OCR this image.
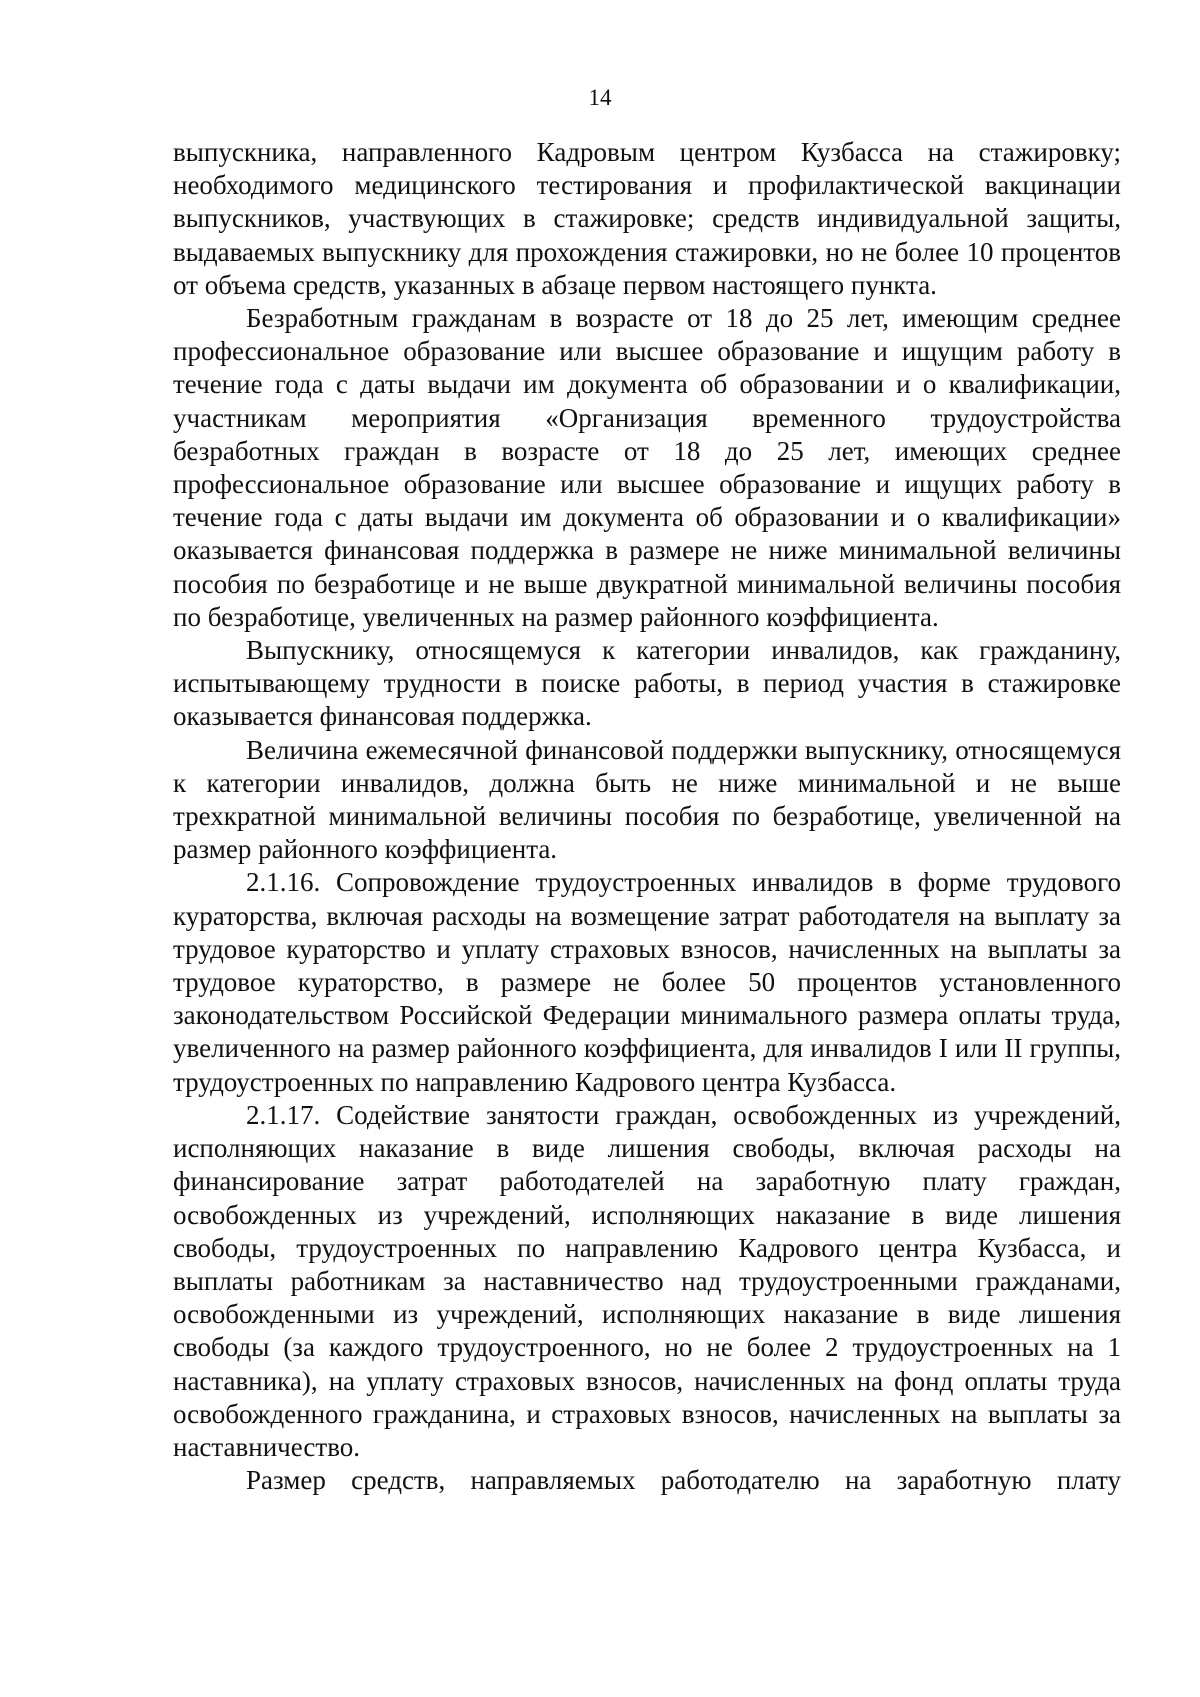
14

выпускника, направленного Кадровым центром Кузбасса на стажировку; необходимого медицинского тестирования и профилактической вакцинации выпускников, участвующих в стажировке; средств индивидуальной защиты, выдаваемых выпускнику для прохождения стажировки, но не более 10 процентов от объема средств, указанных в абзаце первом настоящего пункта.

Безработным гражданам в возрасте от 18 до 25 лет, имеющим среднее профессиональное образование или высшее образование и ищущим работу в течение года с даты выдачи им документа об образовании и о квалификации, участникам мероприятия «Организация временного трудоустройства безработных граждан в возрасте от 18 до 25 лет, имеющих среднее профессиональное образование или высшее образование и ищущих работу в течение года с даты выдачи им документа об образовании и о квалификации» оказывается финансовая поддержка в размере не ниже минимальной величины пособия по безработице и не выше двукратной минимальной величины пособия по безработице, увеличенных на размер районного коэффициента.

Выпускнику, относящемуся к категории инвалидов, как гражданину, испытывающему трудности в поиске работы, в период участия в стажировке оказывается финансовая поддержка.

Величина ежемесячной финансовой поддержки выпускнику, относящемуся к категории инвалидов, должна быть не ниже минимальной и не выше трехкратной минимальной величины пособия по безработице, увеличенной на размер районного коэффициента.

2.1.16. Сопровождение трудоустроенных инвалидов в форме трудового кураторства, включая расходы на возмещение затрат работодателя на выплату за трудовое кураторство и уплату страховых взносов, начисленных на выплаты за трудовое кураторство, в размере не более 50 процентов установленного законодательством Российской Федерации минимального размера оплаты труда, увеличенного на размер районного коэффициента, для инвалидов I или II группы, трудоустроенных по направлению Кадрового центра Кузбасса.

2.1.17. Содействие занятости граждан, освобожденных из учреждений, исполняющих наказание в виде лишения свободы, включая расходы на финансирование затрат работодателей на заработную плату граждан, освобожденных из учреждений, исполняющих наказание в виде лишения свободы, трудоустроенных по направлению Кадрового центра Кузбасса, и выплаты работникам за наставничество над трудоустроенными гражданами, освобожденными из учреждений, исполняющих наказание в виде лишения свободы (за каждого трудоустроенного, но не более 2 трудоустроенных на 1 наставника), на уплату страховых взносов, начисленных на фонд оплаты труда освобожденного гражданина, и страховых взносов, начисленных на выплаты за наставничество.

Размер средств, направляемых работодателю на заработную плату
